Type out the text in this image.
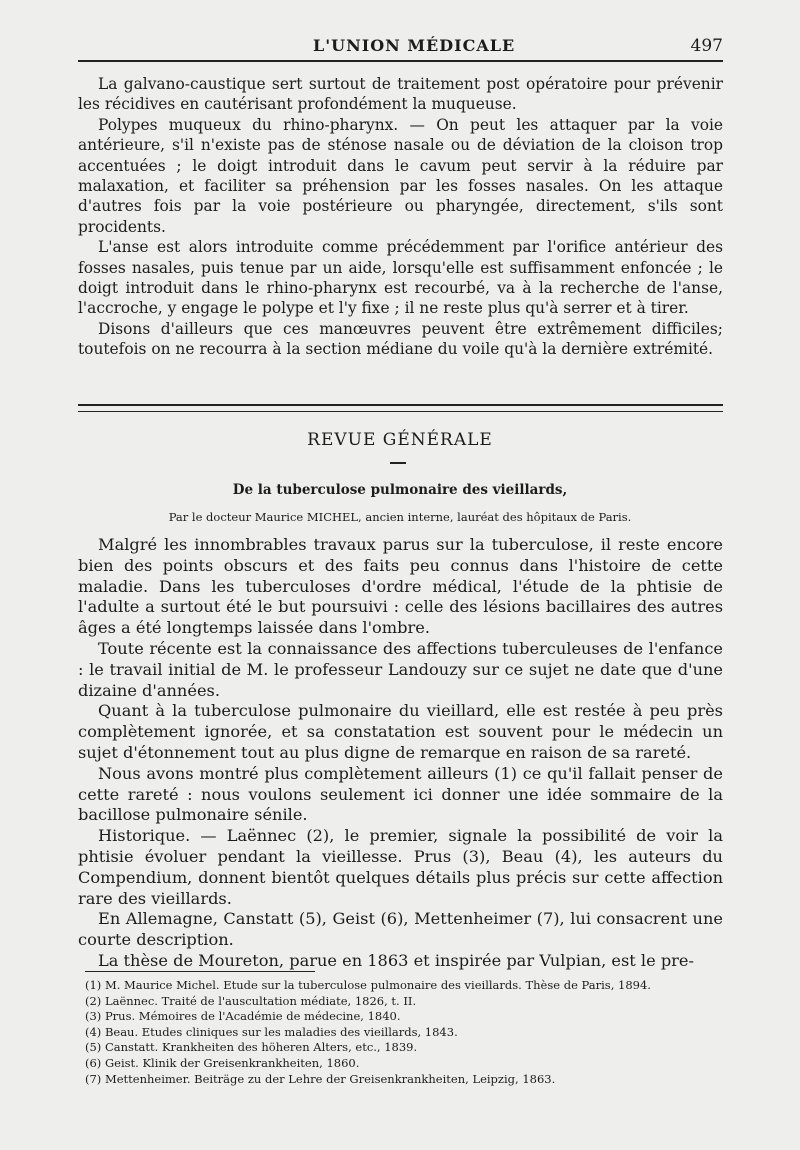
L'UNION MÉDICALE	497

La galvano-caustique sert surtout de traitement post opératoire pour prévenir les récidives en cautérisant profondément la muqueuse.

Polypes muqueux du rhino-pharynx. — On peut les attaquer par la voie antérieure, s'il n'existe pas de sténose nasale ou de déviation de la cloison trop accentuées ; le doigt introduit dans le cavum peut servir à la réduire par malaxation, et faciliter sa préhension par les fosses nasales. On les attaque d'autres fois par la voie postérieure ou pharyngée, directement, s'ils sont procidents.

L'anse est alors introduite comme précédemment par l'orifice antérieur des fosses nasales, puis tenue par un aide, lorsqu'elle est suffisamment enfoncée ; le doigt introduit dans le rhino-pharynx est recourbé, va à la recherche de l'anse, l'accroche, y engage le polype et l'y fixe ; il ne reste plus qu'à serrer et à tirer.

Disons d'ailleurs que ces manœuvres peuvent être extrêmement difficiles; toutefois on ne recourra à la section médiane du voile qu'à la dernière extrémité.

REVUE GÉNÉRALE
De la tuberculose pulmonaire des vieillards,
Par le docteur Maurice MICHEL, ancien interne, lauréat des hôpitaux de Paris.

Malgré les innombrables travaux parus sur la tuberculose, il reste encore bien des points obscurs et des faits peu connus dans l'histoire de cette maladie. Dans les tuberculoses d'ordre médical, l'étude de la phtisie de l'adulte a surtout été le but poursuivi : celle des lésions bacillaires des autres âges a été longtemps laissée dans l'ombre.

Toute récente est la connaissance des affections tuberculeuses de l'enfance : le travail initial de M. le professeur Landouzy sur ce sujet ne date que d'une dizaine d'années.

Quant à la tuberculose pulmonaire du vieillard, elle est restée à peu près complètement ignorée, et sa constatation est souvent pour le médecin un sujet d'étonnement tout au plus digne de remarque en raison de sa rareté.

Nous avons montré plus complètement ailleurs (1) ce qu'il fallait penser de cette rareté : nous voulons seulement ici donner une idée sommaire de la bacillose pulmonaire sénile.

Historique. — Laënnec (2), le premier, signale la possibilité de voir la phtisie évoluer pendant la vieillesse. Prus (3), Beau (4), les auteurs du Compendium, donnent bientôt quelques détails plus précis sur cette affection rare des vieillards.

En Allemagne, Canstatt (5), Geist (6), Mettenheimer (7), lui consacrent une courte description.

La thèse de Moureton, parue en 1863 et inspirée par Vulpian, est le pre-

(1) M. Maurice Michel. Etude sur la tuberculose pulmonaire des vieillards. Thèse de Paris, 1894.
(2) Laënnec. Traité de l'auscultation médiate, 1826, t. II.
(3) Prus. Mémoires de l'Académie de médecine, 1840.
(4) Beau. Etudes cliniques sur les maladies des vieillards, 1843.
(5) Canstatt. Krankheiten des höheren Alters, etc., 1839.
(6) Geist. Klinik der Greisenkrankheiten, 1860.
(7) Mettenheimer. Beiträge zu der Lehre der Greisenkrankheiten, Leipzig, 1863.
